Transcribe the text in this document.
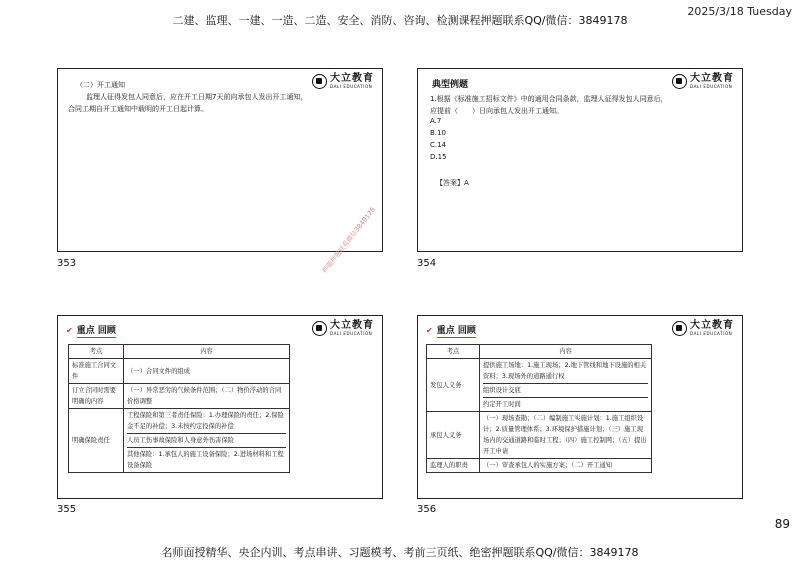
二建、监理、一建、一造、二造、安全、消防、咨询、检测课程押题联系QQ/微信：3849178
2025/3/18 Tuesday
大立教育
DALI EDUCATION
（二）开工通知
监理人征得发包人同意后，应在开工日期7天前向承包人发出开工通知，合同工期自开工通知中载明的开工日起计算。
押题押题联系微信3849178
353
大立教育
DALI EDUCATION
典型例题
1.根据《标准施工招标文件》中的通用合同条款，监理人征得发包人同意后，应提前（　　）日向承包人发出开工通知。
A.7
B.10
C.14
D.15
【答案】A
354
✔ 重点 回顾	大立教育
DALI EDUCATION
考点	内容
标准施工合同文件	（一）合同文件的组成
订立合同时需要明确的内容	（一）异常恶劣的气候条件范围；（二）物价浮动的合同价格调整
明确保险责任	工程保险和第三者责任保险：1.办理保险的责任；2.保险金不足的补偿；3.未按约定投保的补偿
人员工伤事故保险和人身意外伤害保险
其他保险：1.承包人的施工设备保险；2.进场材料和工程设备保险
355
✔ 重点 回顾	大立教育
DALI EDUCATION
考点	内容
发包人义务	提供施工场地：1.施工现场；2.地下管线和地下设施的相关资料；3.现场外的道路通行权
组织设计交底
约定开工时间

承包人义务	（一）现场查勘；（二）编制施工实施计划：1.施工组织设计；2.质量管理体系；3.环境保护措施计划；（三）施工现场内的交通道路和临时工程；（四）施工控制网；（五）提出开工申请
监理人的职责	（一）审查承包人的实施方案；（二）开工通知
356
89
名师面授精华、央企内训、考点串讲、习题模考、考前三页纸、绝密押题联系QQ/微信：3849178
